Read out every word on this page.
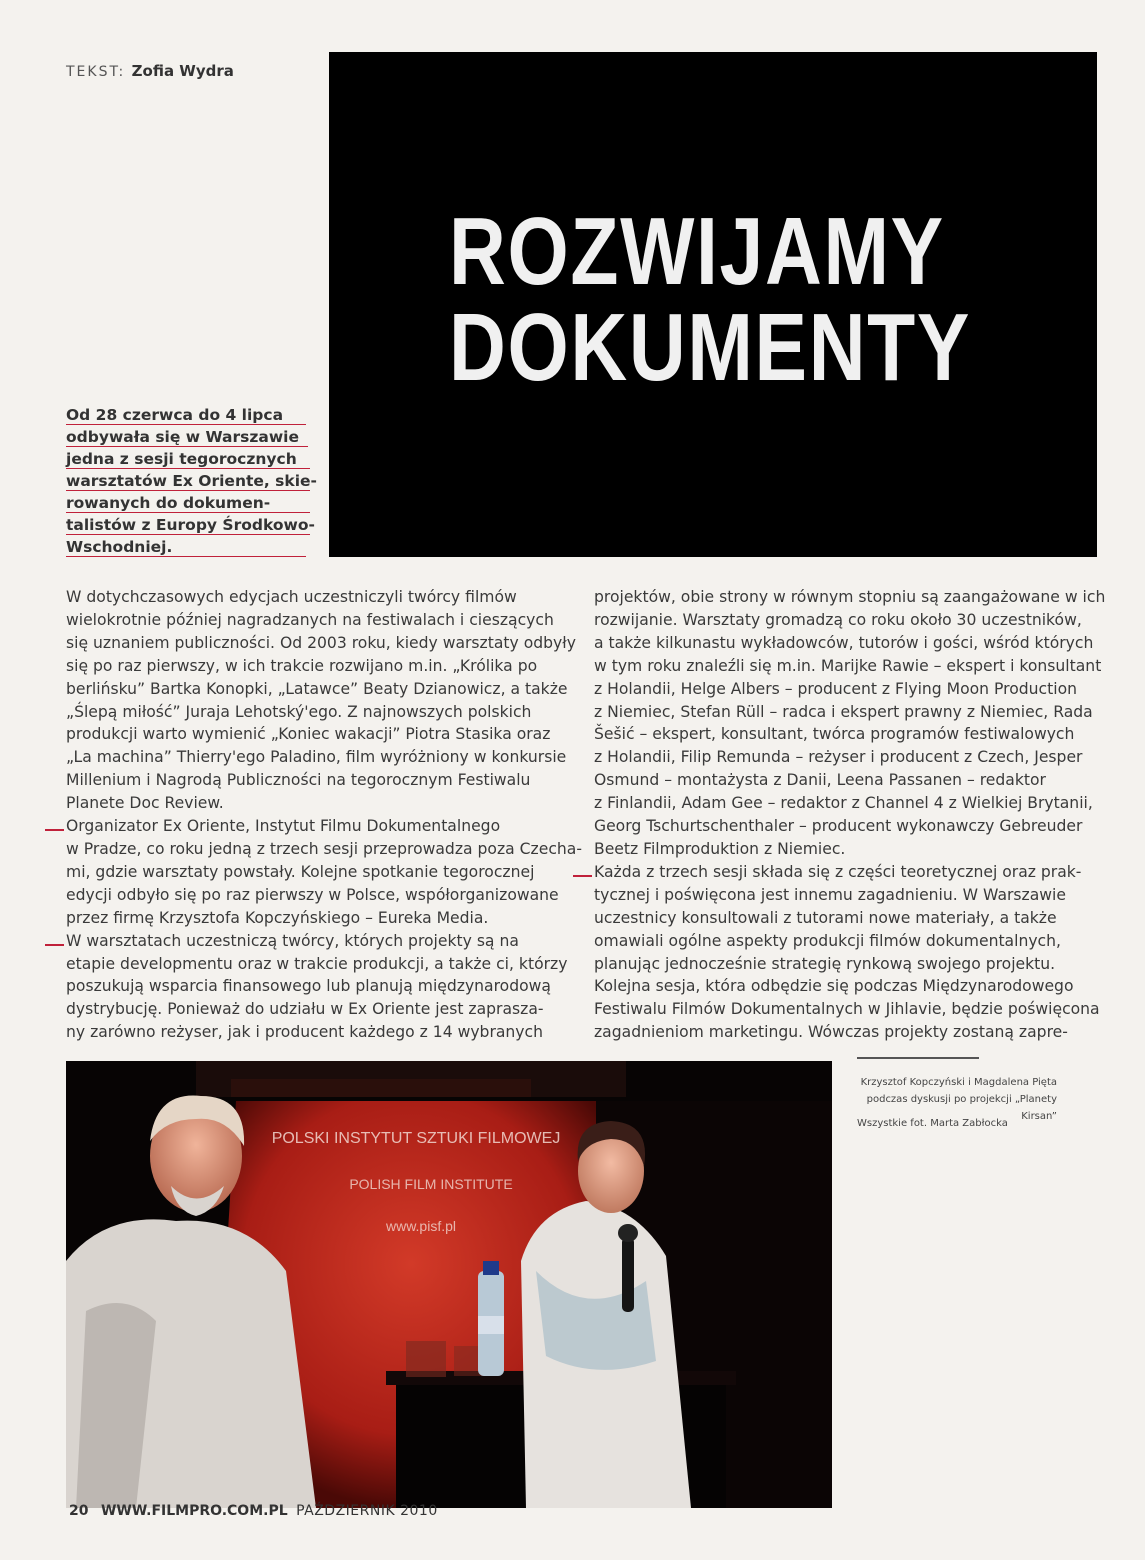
TEKST: Zofia Wydra
ROZWIJAMY
DOKUMENTY
Od 28 czerwca do 4 lipca
odbywała się w Warszawie
jedna z sesji tegorocznych
warsztatów Ex Oriente, skie-
rowanych do dokumen-
talistów z Europy Środkowo-
Wschodniej.
W dotychczasowych edycjach uczestniczyli twórcy filmów
wielokrotnie później nagradzanych na festiwalach i cieszących
się uznaniem publiczności. Od 2003 roku, kiedy warsztaty odbyły
się po raz pierwszy, w ich trakcie rozwijano m.in. „Królika po
berlińsku” Bartka Konopki, „Latawce” Beaty Dzianowicz, a także
„Ślepą miłość” Juraja Lehotský'ego. Z najnowszych polskich
produkcji warto wymienić „Koniec wakacji” Piotra Stasika oraz
„La machina” Thierry'ego Paladino, film wyróżniony w konkursie
Millenium i Nagrodą Publiczności na tegorocznym Festiwalu
Planete Doc Review.
Organizator Ex Oriente, Instytut Filmu Dokumentalnego
w Pradze, co roku jedną z trzech sesji przeprowadza poza Czecha-
mi, gdzie warsztaty powstały. Kolejne spotkanie tegorocznej
edycji odbyło się po raz pierwszy w Polsce, współorganizowane
przez firmę Krzysztofa Kopczyńskiego – Eureka Media.
W warsztatach uczestniczą twórcy, których projekty są na
etapie developmentu oraz w trakcie produkcji, a także ci, którzy
poszukują wsparcia finansowego lub planują międzynarodową
dystrybucję. Ponieważ do udziału w Ex Oriente jest zapraszа-
ny zarówno reżyser, jak i producent każdego z 14 wybranych
projektów, obie strony w równym stopniu są zaangażowane w ich
rozwijanie. Warsztaty gromadzą co roku około 30 uczestników,
a także kilkunastu wykładowców, tutorów i gości, wśród których
w tym roku znaleźli się m.in. Marijke Rawie – ekspert i konsultant
z Holandii, Helge Albers – producent z Flying Moon Production
z Niemiec, Stefan Rüll – radca i ekspert prawny z Niemiec, Rada
Šešić – ekspert, konsultant, twórca programów festiwalowych
z Holandii, Filip Remunda – reżyser i producent z Czech, Jesper
Osmund – montażysta z Danii, Leena Passanen – redaktor
z Finlandii, Adam Gee – redaktor z Channel 4 z Wielkiej Brytanii,
Georg Tschurtschenthaler – producent wykonawczy Gebreuder
Beetz Filmproduktion z Niemiec.
Każda z trzech sesji składa się z części teoretycznej oraz prak-
tycznej i poświęcona jest innemu zagadnieniu. W Warszawie
uczestnicy konsultowali z tutorami nowe materiały, a także
omawiali ogólne aspekty produkcji filmów dokumentalnych,
planując jednocześnie strategię rynkową swojego projektu.
Kolejna sesja, która odbędzie się podczas Międzynarodowego
Festiwalu Filmów Dokumentalnych w Jihlavie, będzie poświęcona
zagadnieniom marketingu. Wówczas projekty zostaną zapre-
POLSKI INSTYTUT SZTUKI FILMOWEJ
POLISH FILM INSTITUTE
www.pisf.pl
Krzysztof Kopczyński i Magdalena Pięta
podczas dyskusji po projekcji „Planety Kirsan”
Wszystkie fot. Marta Zabłocka
20 WWW.FILMPRO.COM.PL PAŹDZIERNIK 2010
